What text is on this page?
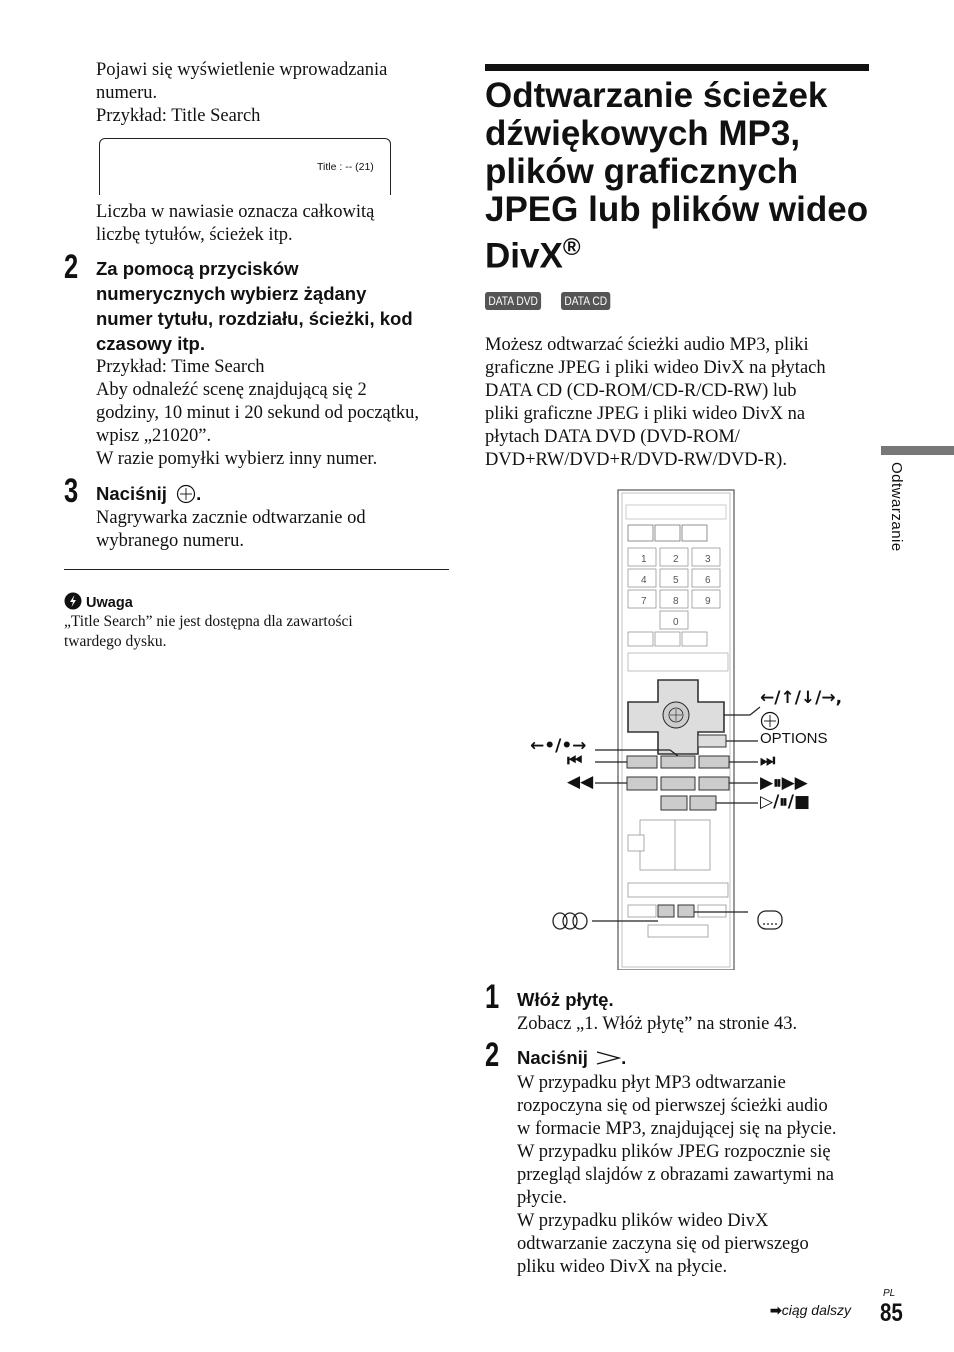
Pojawi się wyświetlenie wprowadzania
numeru.
Przykład: Title Search
Title : -- (21)
Liczba w nawiasie oznacza całkowitą
liczbę tytułów, ścieżek itp.
2 Za pomocą przycisków
numerycznych wybierz żądany
numer tytułu, rozdziału, ścieżki, kod
czasowy itp.
Przykład: Time Search
Aby odnaleźć scenę znajdującą się 2
godziny, 10 minut i 20 sekund od początku,
wpisz „21020”.
W razie pomyłki wybierz inny numer.
3 Naciśnij .
Nagrywarka zacznie odtwarzanie od
wybranego numeru.
Uwaga
„Title Search” nie jest dostępna dla zawartości
twardego dysku.
Odtwarzanie ścieżek
dźwiękowych MP3,
plików graficznych
JPEG lub plików wideo
DivX®
DATA DVD DATA CD
Możesz odtwarzać ścieżki audio MP3, pliki
graficzne JPEG i pliki wideo DivX na płytach
DATA CD (CD-ROM/CD-R/CD-RW) lub
pliki graficzne JPEG i pliki wideo DivX na
płytach DATA DVD (DVD-ROM/
DVD+RW/DVD+R/DVD-RW/DVD-R).
1	2	3
4	5	6
7	8	9
0
←/↑/↓/→,
OPTIONS
⏭
▶⏸▶▶
▷/⏸/■
←•/•→
⏮
◀◀
1 Włóż płytę.
Zobacz „1. Włóż płytę” na stronie 43.
2 Naciśnij .
W przypadku płyt MP3 odtwarzanie
rozpoczyna się od pierwszej ścieżki audio
w formacie MP3, znajdującej się na płycie.
W przypadku plików JPEG rozpocznie się
przegląd slajdów z obrazami zawartymi na
płycie.
W przypadku plików wideo DivX
odtwarzanie zaczyna się od pierwszego
pliku wideo DivX na płycie.
Odtwarzanie
➡ciąg dalszy
PL
85
